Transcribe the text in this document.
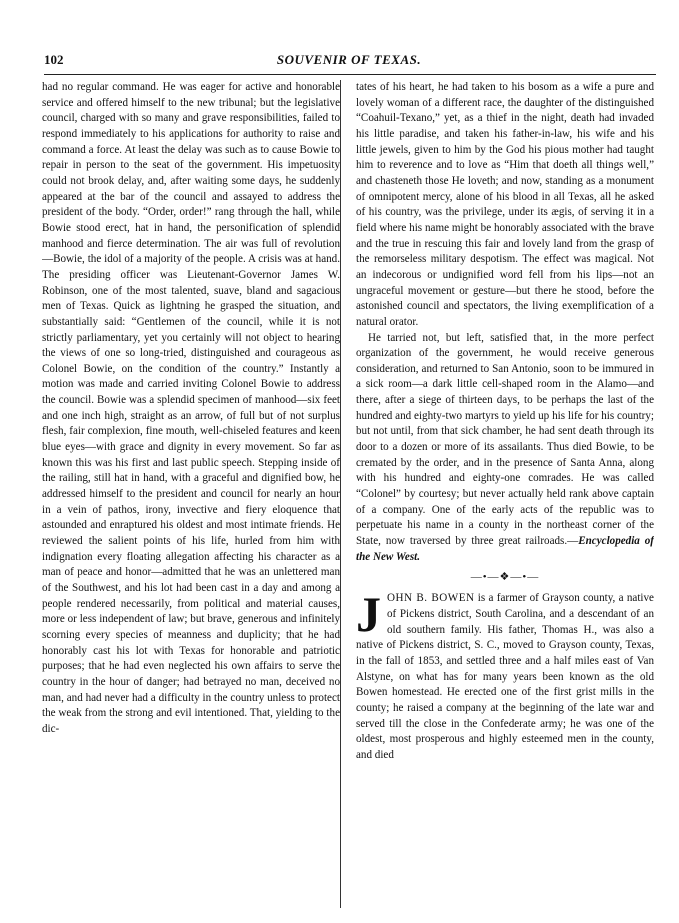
102	SOUVENIR OF TEXAS.

had no regular command. He was eager for active and honorable service and offered himself to the new tribunal; but the legislative council, charged with so many and grave responsibilities, failed to respond immediately to his applications for authority to raise and command a force. At least the delay was such as to cause Bowie to repair in person to the seat of the government. His impetuosity could not brook delay, and, after waiting some days, he suddenly appeared at the bar of the council and assayed to address the president of the body. “Order, order!” rang through the hall, while Bowie stood erect, hat in hand, the personification of splendid manhood and fierce determination. The air was full of revolution—Bowie, the idol of a majority of the people. A crisis was at hand. The presiding officer was Lieutenant-Governor James W. Robinson, one of the most talented, suave, bland and sagacious men of Texas. Quick as lightning he grasped the situation, and substantially said: “Gentlemen of the council, while it is not strictly parliamentary, yet you certainly will not object to hearing the views of one so long-tried, distinguished and courageous as Colonel Bowie, on the condition of the country.” Instantly a motion was made and carried inviting Colonel Bowie to address the council. Bowie was a splendid specimen of manhood—six feet and one inch high, straight as an arrow, of full but of not surplus flesh, fair complexion, fine mouth, well-chiseled features and keen blue eyes—with grace and dignity in every movement. So far as known this was his first and last public speech. Stepping inside of the railing, still hat in hand, with a graceful and dignified bow, he addressed himself to the president and council for nearly an hour in a vein of pathos, irony, invective and fiery eloquence that astounded and enraptured his oldest and most intimate friends. He reviewed the salient points of his life, hurled from him with indignation every floating allegation affecting his character as a man of peace and honor—admitted that he was an unlettered man of the Southwest, and his lot had been cast in a day and among a people rendered necessarily, from political and material causes, more or less independent of law; but brave, generous and infinitely scorning every species of meanness and duplicity; that he had honorably cast his lot with Texas for honorable and patriotic purposes; that he had even neglected his own affairs to serve the country in the hour of danger; had betrayed no man, deceived no man, and had never had a difficulty in the country unless to protect the weak from the strong and evil intentioned. That, yielding to the dic-

tates of his heart, he had taken to his bosom as a wife a pure and lovely woman of a different race, the daughter of the distinguished “Coahuil-Texano,” yet, as a thief in the night, death had invaded his little paradise, and taken his father-in-law, his wife and his little jewels, given to him by the God his pious mother had taught him to reverence and to love as “Him that doeth all things well,” and chasteneth those He loveth; and now, standing as a monument of omnipotent mercy, alone of his blood in all Texas, all he asked of his country, was the privilege, under its ægis, of serving it in a field where his name might be honorably associated with the brave and the true in rescuing this fair and lovely land from the grasp of the remorseless military despotism. The effect was magical. Not an indecorous or undignified word fell from his lips—not an ungraceful movement or gesture—but there he stood, before the astonished council and spectators, the living exemplification of a natural orator.

He tarried not, but left, satisfied that, in the more perfect organization of the government, he would receive generous consideration, and returned to San Antonio, soon to be immured in a sick room—a dark little cell-shaped room in the Alamo—and there, after a siege of thirteen days, to be perhaps the last of the hundred and eighty-two martyrs to yield up his life for his country; but not until, from that sick chamber, he had sent death through its door to a dozen or more of its assailants. Thus died Bowie, to be cremated by the order, and in the presence of Santa Anna, along with his hundred and eighty-one comrades. He was called “Colonel” by courtesy; but never actually held rank above captain of a company. One of the early acts of the republic was to perpetuate his name in a county in the northeast corner of the State, now traversed by three great railroads.—Encyclopedia of the New West.

—•—❖—•—

JOHN B. BOWEN is a farmer of Grayson county, a native of Pickens district, South Carolina, and a descendant of an old southern family. His father, Thomas H., was also a native of Pickens district, S. C., moved to Grayson county, Texas, in the fall of 1853, and settled three and a half miles east of Van Alstyne, on what has for many years been known as the old Bowen homestead. He erected one of the first grist mills in the county; he raised a company at the beginning of the late war and served till the close in the Confederate army; he was one of the oldest, most prosperous and highly esteemed men in the county, and died
